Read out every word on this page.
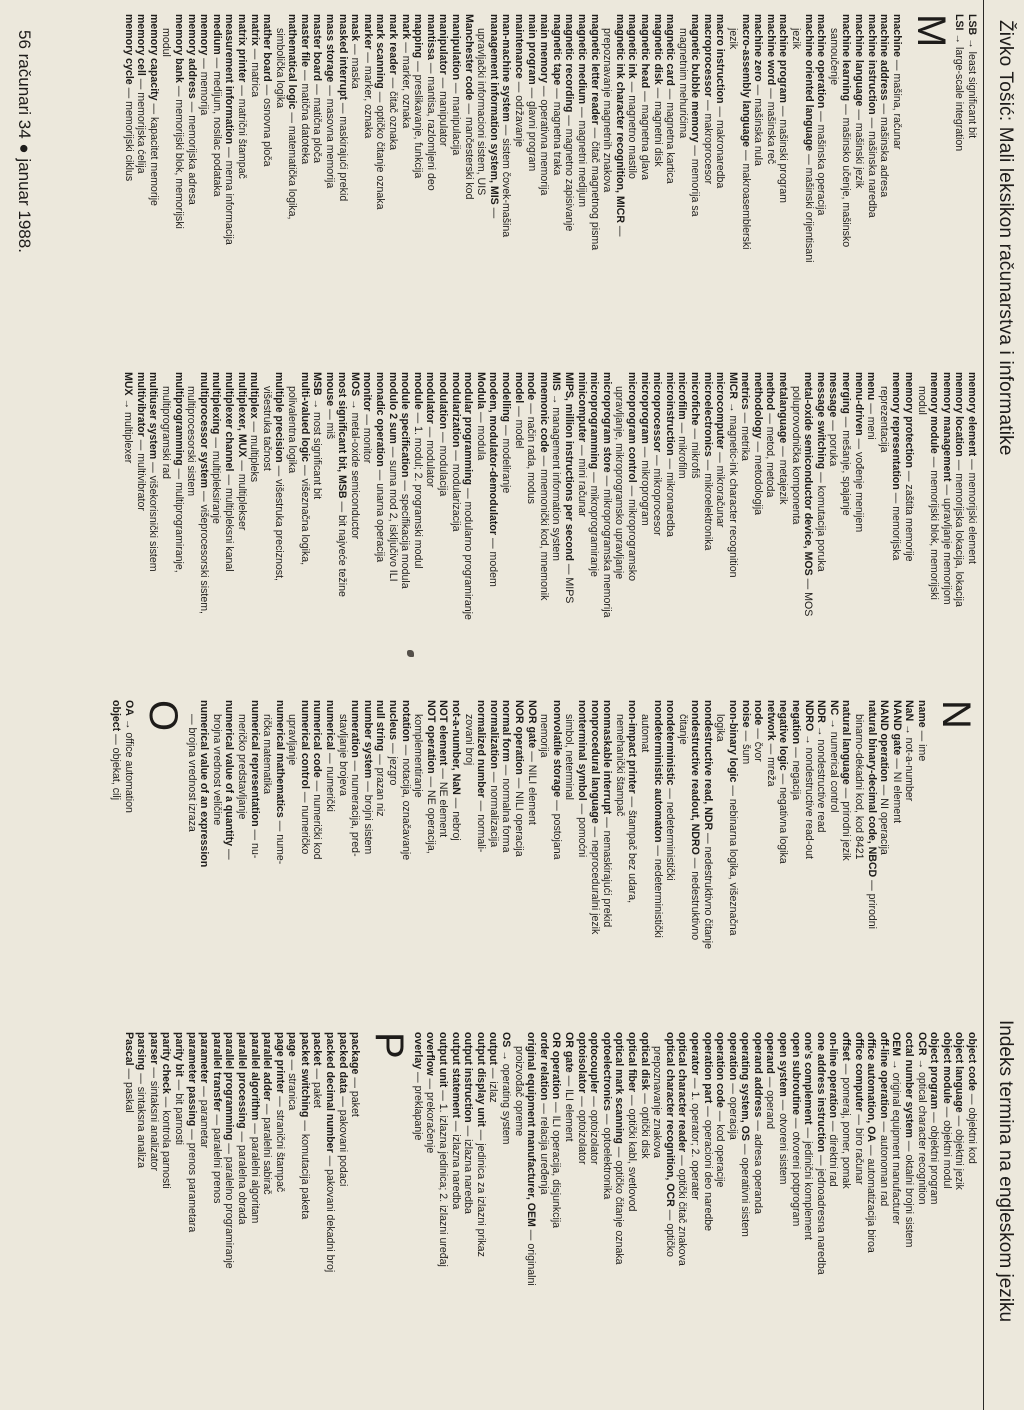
Živko Tošić: Mali leksikon računarstva i informatike
Indeks termina na engleskom jeziku
LSB → least significant bit
LSI → large-scale integration
M
machine — mašina, računar
machine address — mašinska adresa
machine instruction — mašinska naredba
machine language — mašinski jezik
machine learning — mašinsko učenje, mašinsko
samoučenje
machine operation — mašinska operacija
machine oriented language — mašinski orijentisani
jezik
machine program — mašinski program
machine word — mašinska reč
machine zero — mašinska nula
macro-assembly language — makroasemblerski
jezik
macro instruction — makronaredba
macroprocessor — makroprocesor
magnetic bubble memory — memorija sa
magnetnim mehurićima
magnetic card — magnetna kartica
magnetic disk — magnetni disk
magnetic head — magnetna glava
magnetic ink — magnetno mastilo
magnetic ink character recognition, MICR —
prepoznavanje magnetnih znakova
magnetic letter reader — čitač magnetnog pisma
magnetic medium — magnetni medijum
magnetic recording — magnetno zapisivanje
magnetic tape — magnetna traka
main memory — operativna memorija
main program — glavni program
maintenance — održavanje
man-machine system — sistem čovek-mašina
management information system, MIS —
upravljački informacioni sistem, UIS
Manchester code — mančesterski kod
manipulation — manipulacija
manipulator — manipulator
mantissa — mantisa, razlomljeni deo
mapping — preslikavanje, funkcija
mark — marker, oznaka
mark reader — čitač oznaka
mark scanning — optičko čitanje oznaka
marker — marker, oznaka
mask — maska
masked interrupt — maskirajući prekid
mass storage — masovna memorija
master board — matična ploča
master file — matična datoteka
mathematical logic — matematička logika,
simbolička logika
mather board — osnovna ploča
matrix — matrica
matrix printer — matrični štampač
measurement information — merna informacija
medium — medijum, nosilac podataka
memory — memorija
memory address — memorijska adresa
memory bank — memorijski blok, memorijski
modul
memory capacity — kapacitet memorije
memory cell — memorijska ćelija
memory cycle — memorijski ciklus
memory element — memorijski element
memory location — memorijska lokacija, lokacija
memory management — upravljanje memorijom
memory module — memorijski blok, memorijski
modul
memory protection — zaštita memorije
memory representation — memorijska
reprezentacija
menu — meni
menu-driven — vođenje menijem
merging — mešanje, spajanje
message — poruka
message switching — komutacija poruka
metal-oxide semiconductor device, MOS — MOS
poluprovodnička komponenta
metalanguage — metajezik
method — metod, metoda
methodology — metodologija
metrics — metrika
MICR → magnetic-ink character recognition
microcomputer — mikroračunar
microelectronics — mikroelektronika
microfiche — mikrofiš
microfilm — mikrofilm
microinstruction — mikronaredba
microprocessor — mikroprocesor
microprogram — mikroprogram
microprogram control — mikroprogramsko
upravljanje, mikroprogramsko upravljanje
microprogram store — mikroprogramska memorija
microprogramming — mikroprogramiranje
minicomputer — mini računar
MIPS, million instructions per second — MIPS
MIS → management information system
mnemonic code — mnemonički kod, mnemonik
mode — način rada, modus
model — model
modelling — modeliranje
modem, modulator-demodulator — modem
Modula — modula
modular programming — modularno programiranje
modularization — modularizacija
modulation — modulacija
modulator — modulator
module — 1. modul; 2. programski modul
module specification — specifikacija modula
modulo 2 sum — suma mod 2, isključivo ILI
monadic operation — unarna operacija
monitor — monitor
MOS → metal-oxide semiconductor
most significant bit, MSB — bit najveće težine
mouse — miš
MSB → most significant bit
multi-valued logic — višeznačna logika,
polivalentna logika
multiple precision — višestruka preciznost,
višestruka tačnost
multiplex — multipleks
multiplexer, MUX — multiplekser
multiplexer channel — multipleksni kanal
multiplexing — multipleksiranje
multiprocessor system — višeprocesorski sistem,
multiprocesorski sistem
multiprogramming — multiprogramiranje,
multiprogramski rad
multiuser system — višekorisnički sistem
multivibrator — multivibrator
MUX → multiplexer
N
name — ime
NaN → not-a-number
NAND gate — NI element
NAND operation — NI operacija
natural binary-decimal code, NBCD — prirodni
binarno-dekadni kod, kod 8421
natural language — prirodni jezik
NC → numerical control
NDR → nondestructive read
NDRO → nondestructive read-out
negation — negacija
negative logic — negativna logika
network — mreža
node — čvor
noise — šum
non-binary logic — nebinarna logika, višeznačna
logika
nondestructive read, NDR — nedestruktivno čitanje
nondestructive readout, NDRO — nedestruktivno
čitanje
nondeterministic — nedeterministički
nondeterministic automaton — nedeterministički
automat
non-impact printer — štampač bez udara,
nemehanički štampač
nonmaskable interrupt — nemaskirajući prekid
nonprocedural language — neproceduralni jezik
nonterminal symbol — pomoćni
simbol, neterminal
nonvolatile storage — postojana
memorija
NOR gate — NILI element
NOR operation — NILI operacija
normal form — normalna forma
normalization — normalizacija
normalized number — normali-
zovani broj
not-a-number, NaN — nebroj
NOT element — NE element
NOT operation — NE operacija,
komplementiranje
notation — notacija, označavanje
nucleus — jezgro
null string — prazan niz
number system — brojni sistem
numeration — numeracija, pred-
stavljanje brojeva
numerical — numerički
numerical code — numerički kod
numerical control — numeričko
upravljanje
numerical mathematics — nume-
rička matematika
numerical representation — nu-
meričko predstavljanje
numerical value of a quantity —
brojna vrednost veličine
numerical value of an expression
— brojna vrednost izraza
O
OA → office automation
object — objekat, cilj
object code — objektni kod
object language — objektni jezik
object module — objektni modul
object program — objektni program
OCR → optical character recognition
octal number system — oktalni brojni sistem
OEM → original equipment manufacturer
off-line operation — autonoman rad
office automation, OA — automatizacija biroa
office computer — biro računar
offset — pomeraj, pomer, pomak
on-line operation — direktni rad
one address instruction — jednoadresna naredba
one's complement — jedinični komplement
open subroutine — otvoreni potprogram
open system — otvoreni sistem
operand — operand
operand address — adresa operanda
operating system, OS — operativni sistem
operation — operacija
operation code — kod operacije
operation part — operacioni deo naredbe
operator — 1. operator; 2. operater
optical character reader — optički čitač znakova
optical character recognition, OCR — optičko
prepoznavanje znakova
optical disk — optički disk
optical fiber — optički kabl, svetlovod
optical mark scanning — optičko čitanje oznaka
optoelectronics — optoelektronika
optocoupler — optoizolator
optoisolator — optoizolator
OR gate — ILI element
OR operation — ILI operacija, disjunkcija
order relation — relacija uređenja
original equipment manufacturer, OEM — originalni
proizvođač opreme
OS → operating system
output — izlaz
output display unit — jedinica za izlazni prikaz
output instruction — izlazna naredba
output statement — izlazna naredba
output unit — 1. izlazna jedinica; 2. izlazni uređaj
overflow — prekoračenje
overlay — preklapanje
P
package — paket
packed data — pakovani podaci
packed decimal number — pakovani dekadni broj
packet — paket
packet switching — komutacija paketa
page — stranica
page printer — stranični štampač
parallel adder — paralelni sabirač
parallel algorithm — paralelni algoritam
parallel processing — paralelna obrada
parallel programming — paralelno programiranje
parallel transfer — paralelni prenos
parameter — parametar
parameter passing — prenos parametara
parity bit — bit parnosti
parity check — kontrola parnosti
parser — sintaksni analizator
parsing — sintaksna analiza
Pascal — paskal
56 računari 34 ● januar 1988.
